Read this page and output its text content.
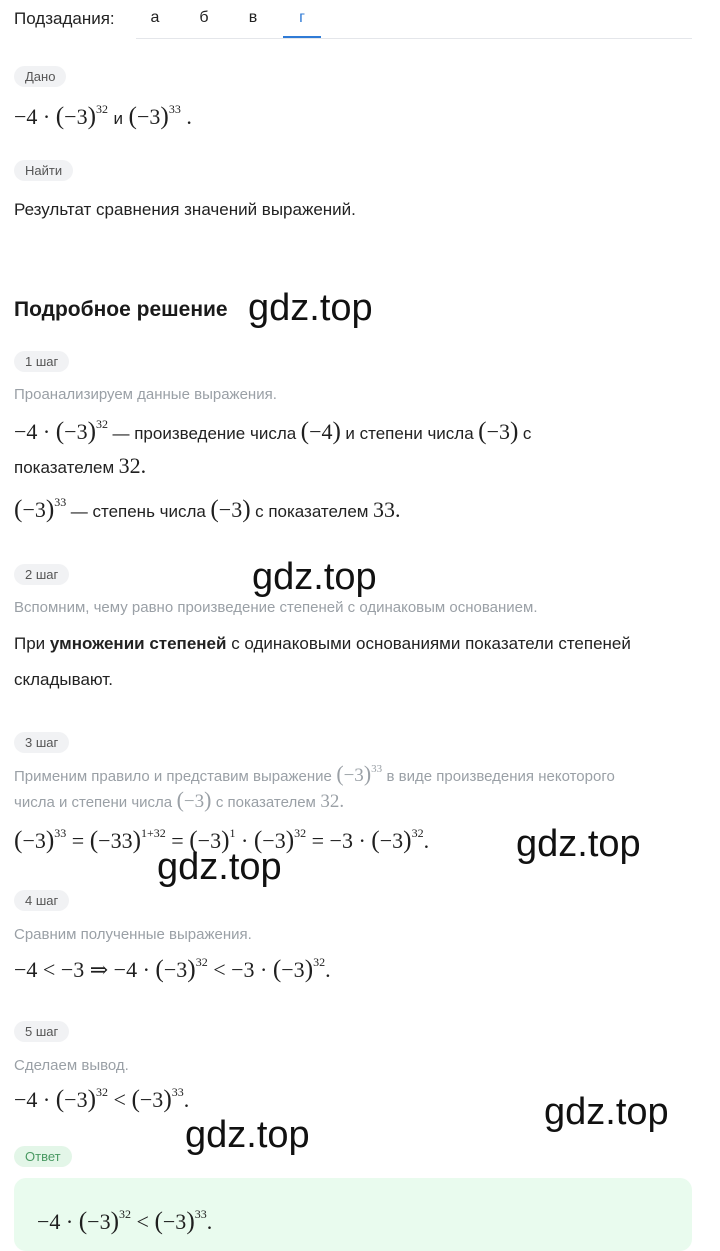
Подзадания:	а	б	в	г
Дано
$-4 \cdot (-3)^{32}$ и $(-3)^{33}$ .
Найти
Результат сравнения значений выражений.
Подробное решение
1 шаг
Проанализируем данные выражения.
$-4 \cdot (-3)^{32}$ — произведение числа (−4) и степени числа (−3) с
показателем 32.
$(-3)^{33}$ — степень числа (−3) с показателем 33.
2 шаг
Вспомним, чему равно произведение степеней с одинаковым основанием.
При умножении степеней с одинаковыми основаниями показатели степеней
складывают.
3 шаг
Применим правило и представим выражение $(-3)^{33}$ в виде произведения некоторого
числа и степени числа (−3) с показателем 32.
$(-3)^{33} = (-33)^{1+32} = (-3)^1 \cdot (-3)^{32} = -3 \cdot (-3)^{32}$.
4 шаг
Сравним полученные выражения.
−4 < −3 ⇒ $-4 \cdot (-3)^{32} < -3 \cdot (-3)^{32}$.
5 шаг
Сделаем вывод.
$-4 \cdot (-3)^{32} < (-3)^{33}$.
Ответ
$-4 \cdot (-3)^{32} < (-3)^{33}$.
gdz.top
gdz.top
gdz.top
gdz.top
gdz.top
gdz.top
